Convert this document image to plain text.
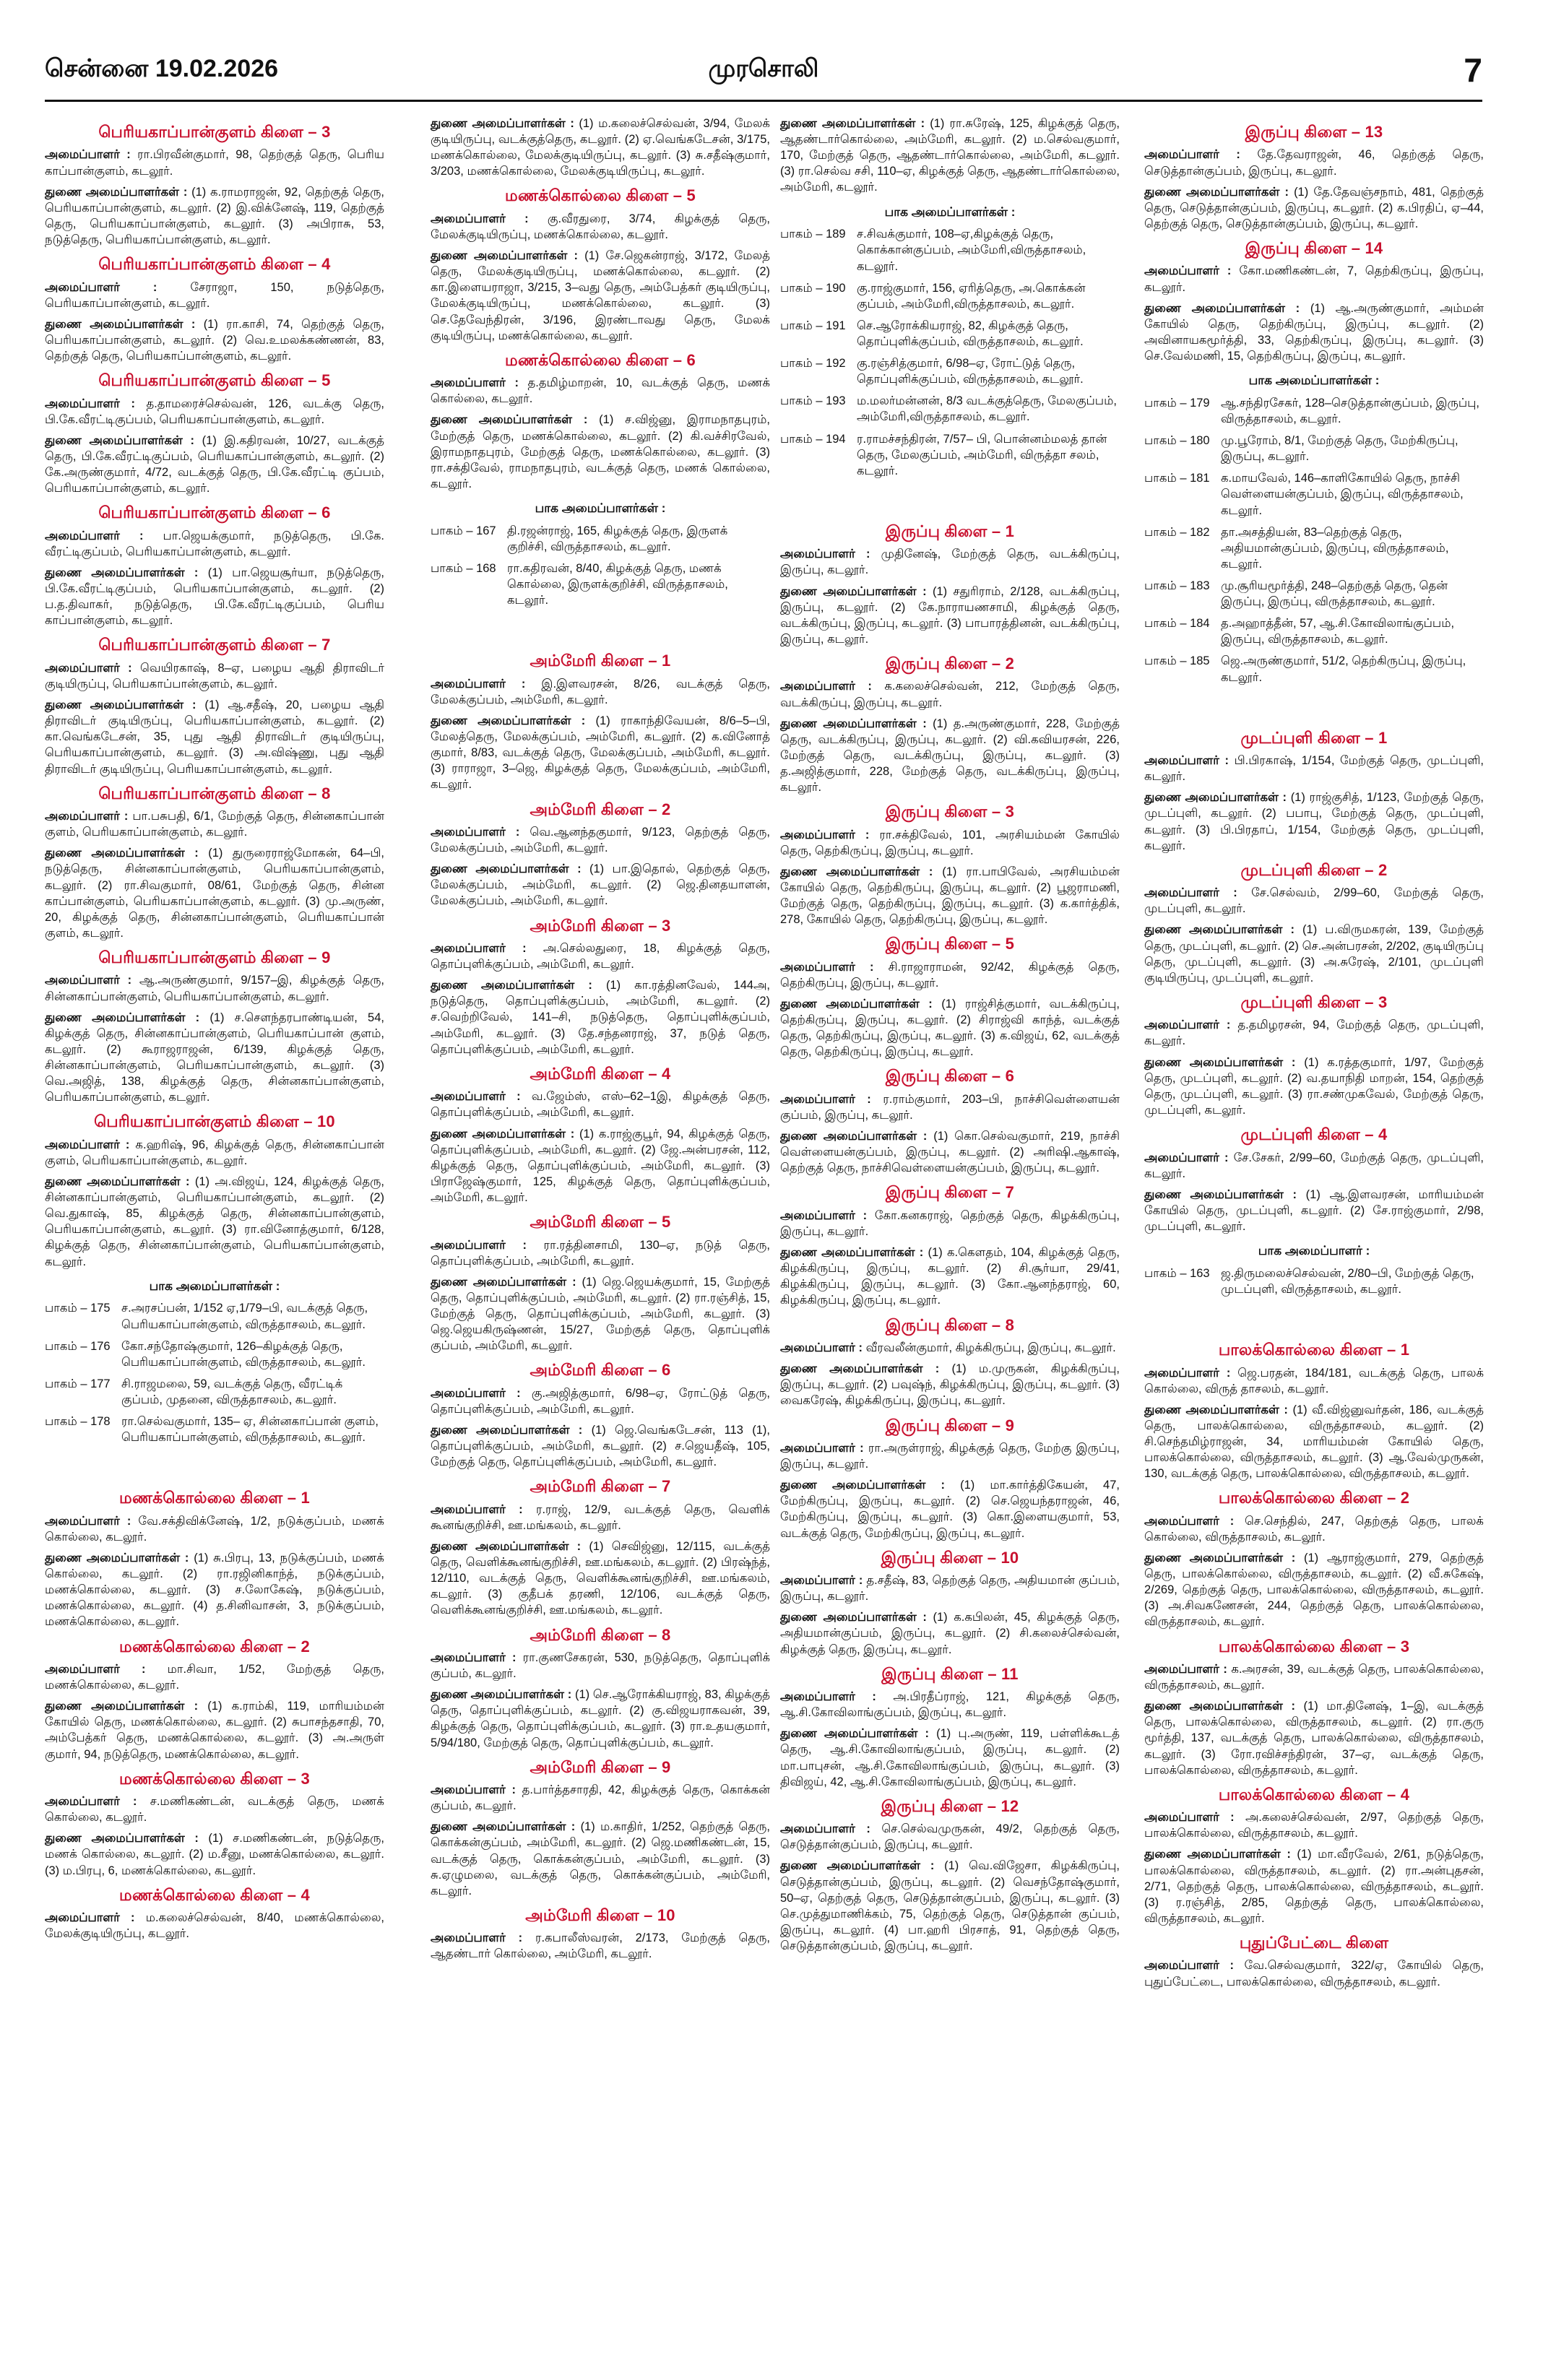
சென்னை 19.02.2026	முரசொலி	7
பெரியகாப்பான்குளம் கிளை – 3

அமைப்பாளர் : ரா.பிரவீன்குமார், 98, தெற்குத் தெரு, பெரிய காப்பான்குளம், கடலூர்.

துணை அமைப்பாளர்கள் : (1) க.ராமராஜன், 92, தெற்குத் தெரு, பெரியகாப்பான்குளம், கடலூர். (2) இ.விக்னேஷ், 119, தெற்குத் தெரு, பெரியகாப்பான்குளம், கடலூர். (3) அபிராசு, 53, நடுத்தெரு, பெரியகாப்பான்குளம், கடலூர்.

பெரியகாப்பான்குளம் கிளை – 4

அமைப்பாளர் :	சேராஜா, 150, நடுத்தெரு, பெரியகாப்பான்குளம், கடலூர்.

துணை அமைப்பாளர்கள் : (1) ரா.காசி, 74, தெற்குத் தெரு, பெரியகாப்பான்குளம், கடலூர். (2) வெ.உமலக்கண்ணன், 83, தெற்குத் தெரு, பெரியகாப்பான்குளம், கடலூர்.

பெரியகாப்பான்குளம் கிளை – 5

அமைப்பாளர் : த.தாமரைச்செல்வன், 126, வடக்கு தெரு, பி.கே.வீரட்டிகுப்பம், பெரியகாப்பான்குளம், கடலூர்.

துணை அமைப்பாளர்கள் : (1) இ.கதிரவன், 10/27, வடக்குத் தெரு, பி.கே.வீரட்டிகுப்பம், பெரியகாப்பான்குளம், கடலூர். (2) கே.அருண்குமார், 4/72, வடக்குத் தெரு, பி.கே.வீரட்டி குப்பம், பெரியகாப்பான்குளம், கடலூர்.

பெரியகாப்பான்குளம் கிளை – 6

அமைப்பாளர் : பா.ஜெயக்குமார், நடுத்தெரு, பி.கே. வீரட்டிகுப்பம், பெரியகாப்பான்குளம், கடலூர்.

துணை அமைப்பாளர்கள் : (1) பா.ஜெயசூர்யா, நடுத்தெரு, பி.கே.வீரட்டிகுப்பம், பெரியகாப்பான்குளம், கடலூர். (2) ப.த.திவாகர், நடுத்தெரு, பி.கே.வீரட்டிகுப்பம், பெரிய காப்பான்குளம், கடலூர்.

பெரியகாப்பான்குளம் கிளை – 7

அமைப்பாளர் : வெயிரகாஷ், 8–ஏ, பழைய ஆதி திராவிடர் குடியிருப்பு, பெரியகாப்பான்குளம், கடலூர்.

துணை அமைப்பாளர்கள் : (1) ஆ.சதீஷ், 20, பழைய ஆதி திராவிடர் குடியிருப்பு, பெரியகாப்பான்குளம், கடலூர். (2) கா.வெங்கடேசன், 35, புது ஆதி திராவிடர் குடியிருப்பு, பெரியகாப்பான்குளம், கடலூர். (3) அ.விஷ்ணு, புது ஆதி திராவிடர் குடியிருப்பு, பெரியகாப்பான்குளம், கடலூர்.

பெரியகாப்பான்குளம் கிளை – 8

அமைப்பாளர் : பா.பசுபதி, 6/1, மேற்குத் தெரு, சின்னகாப்பான் குளம், பெரியகாப்பான்குளம், கடலூர்.

துணை அமைப்பாளர்கள் : (1) துருரைராஜ்மோகன், 64–பி, நடுத்தெரு, சின்னகாப்பான்குளம், பெரியகாப்பான்குளம், கடலூர். (2) ரா.சிவகுமார், 08/61, மேற்குத் தெரு, சின்ன காப்பான்குளம், பெரியகாப்பான்குளம், கடலூர். (3) மு.அருண், 20, கிழக்குத் தெரு, சின்னகாப்பான்குளம், பெரியகாப்பான் குளம், கடலூர்.

பெரியகாப்பான்குளம் கிளை – 9

அமைப்பாளர் : ஆ.அருண்குமார், 9/157–இ, கிழக்குத் தெரு, சின்னகாப்பான்குளம், பெரியகாப்பான்குளம், கடலூர்.

துணை அமைப்பாளர்கள் : (1) ச.சௌந்தரபாண்டியன், 54, கிழக்குத் தெரு, சின்னகாப்பான்குளம், பெரியகாப்பான் குளம், கடலூர். (2) கூராஜராஜன், 6/139, கிழக்குத் தெரு, சின்னகாப்பான்குளம், பெரியகாப்பான்குளம், கடலூர். (3) வெ.அஜித், 138, கிழக்குத் தெரு, சின்னகாப்பான்குளம், பெரியகாப்பான்குளம், கடலூர்.

பெரியகாப்பான்குளம் கிளை – 10

அமைப்பாளர் : க.ஹரிஷ், 96, கிழக்குத் தெரு, சின்னகாப்பான் குளம், பெரியகாப்பான்குளம், கடலூர்.

துணை அமைப்பாளர்கள் : (1) அ.விஜய், 124, கிழக்குத் தெரு, சின்னகாப்பான்குளம், பெரியகாப்பான்குளம், கடலூர். (2) வெ.துகாஷ், 85, கிழக்குத் தெரு, சின்னகாப்பான்குளம், பெரியகாப்பான்குளம், கடலூர். (3) ரா.வினோத்குமார், 6/128, கிழக்குத் தெரு, சின்னகாப்பான்குளம், பெரியகாப்பான்குளம், கடலூர்.

பாக அமைப்பாளர்கள் :
பாகம் – 175 ச.அரசப்பன், 1/152 ஏ,1/79–பி, வடக்குத் தெரு, பெரியகாப்பான்குளம், விருத்தாசலம், கடலூர்.
பாகம் – 176 கோ.சந்தோஷ்குமார், 126–கிழக்குத் தெரு, பெரியகாப்பான்குளம், விருத்தாசலம், கடலூர்.
பாகம் – 177 சி.ராஜமலை, 59, வடக்குத் தெரு, வீரட்டிக் குப்பம், முதனை, விருத்தாசலம், கடலூர்.
பாகம் – 178 ரா.செல்வகுமார், 135– ஏ, சின்னகாப்பான் குளம், பெரியகாப்பான்குளம், விருத்தாசலம், கடலூர்.
மணக்கொல்லை கிளை – 1

அமைப்பாளர் : வே.சக்திவிக்னேஷ், 1/2, நடுக்குப்பம், மணக் கொல்லை, கடலூர்.

துணை அமைப்பாளர்கள் : (1) சு.பிரபு, 13, நடுக்குப்பம், மணக் கொல்லை, கடலூர். (2) ரா.ரஜினிகாந்த், நடுக்குப்பம், மணக்கொல்லை, கடலூர். (3) ச.லோகேஷ், நடுக்குப்பம், மணக்கொல்லை, கடலூர். (4) த.சினிவாசன், 3, நடுக்குப்பம், மணக்கொல்லை, கடலூர்.

மணக்கொல்லை கிளை – 2

அமைப்பாளர் : மா.சிவா, 1/52, மேற்குத் தெரு, மணக்கொல்லை, கடலூர்.

துணை அமைப்பாளர்கள் : (1) க.ராம்கி, 119, மாரியம்மன் கோயில் தெரு, மணக்கொல்லை, கடலூர். (2) சுபாசந்தசாதி, 70, அம்பேத்கர் தெரு, மணக்கொல்லை, கடலூர். (3) அ.அருள் குமார், 94, நடுத்தெரு, மணக்கொல்லை, கடலூர்.

மணக்கொல்லை கிளை – 3

அமைப்பாளர் : ச.மணிகண்டன், வடக்குத் தெரு, மணக் கொல்லை, கடலூர்.

துணை அமைப்பாளர்கள் : (1) ச.மணிகண்டன், நடுத்தெரு, மணக் கொல்லை, கடலூர். (2) ம.சீனு, மணக்கொல்லை, கடலூர். (3) ம.பிரபு, 6, மணக்கொல்லை, கடலூர்.

மணக்கொல்லை கிளை – 4

அமைப்பாளர் : ம.கலைச்செல்வன், 8/40, மணக்கொல்லை, மேலக்குடியிருப்பு, கடலூர்.

துணை அமைப்பாளர்கள் : (1) ம.கலைச்செல்வன், 3/94, மேலக் குடியிருப்பு, வடக்குத்தெரு, கடலூர். (2) ஏ.வெங்கடேசன், 3/175, மணக்கொல்லை, மேலக்குடியிருப்பு, கடலூர். (3) சு.சதீஷ்குமார், 3/203, மணக்கொல்லை, மேலக்குடியிருப்பு, கடலூர்.

மணக்கொல்லை கிளை – 5

அமைப்பாளர் : கு.வீரதுரை, 3/74, கிழக்குத் தெரு, மேலக்குடியிருப்பு, மணக்கொல்லை, கடலூர்.

துணை அமைப்பாளர்கள் : (1) சே.ஜெகன்ராஜ், 3/172, மேலத் தெரு, மேலக்குடியிருப்பு, மணக்கொல்லை, கடலூர். (2) கா.இளையராஜா, 3/215, 3–வது தெரு, அம்பேத்கர் குடியிருப்பு, மேலக்குடியிருப்பு, மணக்கொல்லை, கடலூர். (3) செ.தேவேந்திரன், 3/196, இரண்டாவது தெரு, மேலக் குடியிருப்பு, மணக்கொல்லை, கடலூர்.

மணக்கொல்லை கிளை – 6

அமைப்பாளர் : த.தமிழ்மாறன், 10, வடக்குத் தெரு, மணக் கொல்லை, கடலூர்.

துணை அமைப்பாளர்கள் : (1) ச.விஜ்னு, இராமநாதபுரம், மேற்குத் தெரு, மணக்கொல்லை, கடலூர். (2) கி.வச்சிரவேல், இராமநாதபுரம், மேற்குத் தெரு, மணக்கொல்லை, கடலூர். (3) ரா.சக்திவேல், ராமநாதபுரம், வடக்குத் தெரு, மணக் கொல்லை, கடலூர்.

பாக அமைப்பாளர்கள் :
பாகம் – 167 தி.ரஜன்ராஜ், 165, கிழக்குத் தெரு, இருளக் குறிச்சி, விருத்தாசலம், கடலூர்.
பாகம் – 168 ரா.கதிரவன், 8/40, கிழக்குத் தெரு, மணக் கொல்லை, இருளக்குறிச்சி, விருத்தாசலம், கடலூர்.
அம்மேரி கிளை – 1

அமைப்பாளர் : இ.இளவரசன், 8/26, வடக்குத் தெரு, மேலக்குப்பம், அம்மேரி, கடலூர்.

துணை அமைப்பாளர்கள் : (1) ராகாந்திவேயன், 8/6–5–பி, மேலத்தெரு, மேலக்குப்பம், அம்மேரி, கடலூர். (2) க.வினோத் குமார், 8/83, வடக்குத் தெரு, மேலக்குப்பம், அம்மேரி, கடலூர். (3) ராராஜா, 3–ஜெ, கிழக்குத் தெரு, மேலக்குப்பம், அம்மேரி, கடலூர்.

அம்மேரி கிளை – 2

அமைப்பாளர் : வெ.ஆனந்தகுமார், 9/123, தெற்குத் தெரு, மேலக்குப்பம், அம்மேரி, கடலூர்.

துணை அமைப்பாளர்கள் : (1) பா.இதொல், தெற்குத் தெரு, மேலக்குப்பம், அம்மேரி, கடலூர். (2) ஜெ.தினதயாளன், மேலக்குப்பம், அம்மேரி, கடலூர்.

அம்மேரி கிளை – 3

அமைப்பாளர் : அ.செல்லதுரை, 18, கிழக்குத் தெரு, தொப்புளிக்குப்பம், அம்மேரி, கடலூர்.

துணை அமைப்பாளர்கள் : (1) கா.ரத்தினவேல், 144அ, நடுத்தெரு, தொப்புளிக்குப்பம், அம்மேரி, கடலூர். (2) ச.வெற்றிவேல், 141–சி, நடுத்தெரு, தொப்புளிக்குப்பம், அம்மேரி, கடலூர். (3) தே.சந்தனராஜ், 37, நடுத் தெரு, தொப்புளிக்குப்பம், அம்மேரி, கடலூர்.

அம்மேரி கிளை – 4

அமைப்பாளர் : வ.ஜேம்ஸ், எஸ்–62–1இ, கிழக்குத் தெரு, தொப்புளிக்குப்பம், அம்மேரி, கடலூர்.

துணை அமைப்பாளர்கள் : (1) க.ராஜ்குபூர், 94, கிழக்குத் தெரு, தொப்புளிக்குப்பம், அம்மேரி, கடலூர். (2) ஜே.அன்பரசன், 112, கிழக்குத் தெரு, தொப்புளிக்குப்பம், அம்மேரி, கடலூர். (3) பிராஜேஷ்குமார், 125, கிழக்குத் தெரு, தொப்புளிக்குப்பம், அம்மேரி, கடலூர்.

அம்மேரி கிளை – 5

அமைப்பாளர் : ரா.ரத்தினசாமி, 130–ஏ, நடுத் தெரு, தொப்புளிக்குப்பம், அம்மேரி, கடலூர்.

துணை அமைப்பாளர்கள் : (1) ஜெ.ஜெயக்குமார், 15, மேற்குத் தெரு, தொப்புளிக்குப்பம், அம்மேரி, கடலூர். (2) ரா.ரஞ்சித், 15, மேற்குத் தெரு, தொப்புளிக்குப்பம், அம்மேரி, கடலூர். (3) ஜெ.ஜெயகிருஷ்ணன், 15/27, மேற்குத் தெரு, தொப்புளிக் குப்பம், அம்மேரி, கடலூர்.

அம்மேரி கிளை – 6

அமைப்பாளர் : கு.அஜித்குமார், 6/98–ஏ, ரோட்டுத் தெரு, தொப்புளிக்குப்பம், அம்மேரி, கடலூர்.

துணை அமைப்பாளர்கள் : (1) ஜெ.வெங்கடேசன், 113 (1), தொப்புளிக்குப்பம், அம்மேரி, கடலூர். (2) ச.ஜெயதீஷ், 105, மேற்குத் தெரு, தொப்புளிக்குப்பம், அம்மேரி, கடலூர்.

அம்மேரி கிளை – 7

அமைப்பாளர் : ர.ராஜ், 12/9, வடக்குத் தெரு, வெளிக் கூனங்குறிச்சி, ஊ.மங்கலம், கடலூர்.

துணை அமைப்பாளர்கள் : (1) செவிஜ்னு, 12/115, வடக்குத் தெரு, வெளிக்கூனங்குறிச்சி, ஊ.மங்கலம், கடலூர். (2) பிரஷ்ந்த், 12/110, வடக்குத் தெரு, வெளிக்கூனங்குறிச்சி, ஊ.மங்கலம், கடலூர். (3) குதீபக் தரணி, 12/106, வடக்குத் தெரு, வெளிக்கூனங்குறிச்சி, ஊ.மங்கலம், கடலூர்.

அம்மேரி கிளை – 8

அமைப்பாளர் : ரா.குணசேகரன், 530, நடுத்தெரு, தொப்புளிக் குப்பம், கடலூர்.

துணை அமைப்பாளர்கள் : (1) செ.ஆரோக்கியராஜ், 83, கிழக்குத் தெரு, தொப்புளிக்குப்பம், கடலூர். (2) கு.விஜயராகவன், 39, கிழக்குத் தெரு, தொப்புளிக்குப்பம், கடலூர். (3) ரா.உதயகுமார், 5/94/180, மேற்குத் தெரு, தொப்புளிக்குப்பம், கடலூர்.

அம்மேரி கிளை – 9

அமைப்பாளர் : த.பார்த்தசாரதி, 42, கிழக்குத் தெரு, கொக்கன் குப்பம், கடலூர்.

துணை அமைப்பாளர்கள் : (1) ம.காதிர், 1/252, தெற்குத் தெரு, கொக்கன்குப்பம், அம்மேரி, கடலூர். (2) ஜெ.மணிகண்டன், 15, வடக்குத் தெரு, கொக்கன்குப்பம், அம்மேரி, கடலூர். (3) சு.ஏழுமலை, வடக்குத் தெரு, கொக்கன்குப்பம், அம்மேரி, கடலூர்.

அம்மேரி கிளை – 10

அமைப்பாளர் : ர.கபாலீஸ்வரன், 2/173, மேற்குத் தெரு, ஆதண்டார் கொல்லை, அம்மேரி, கடலூர்.

துணை அமைப்பாளர்கள் : (1) ரா.சுரேஷ், 125, கிழக்குத் தெரு, ஆதண்டார்கொல்லை, அம்மேரி, கடலூர். (2) ம.செல்வகுமார், 170, மேற்குத் தெரு, ஆதண்டார்கொல்லை, அம்மேரி, கடலூர். (3) ரா.செல்வ சசி, 110–ஏ, கிழக்குத் தெரு, ஆதண்டார்கொல்லை, அம்மேரி, கடலூர்.

பாக அமைப்பாளர்கள் :
பாகம் – 189 ச.சிவக்குமார், 108–ஏ,கிழக்குத் தெரு, கொக்கான்குப்பம், அம்மேரி,விருத்தாசலம், கடலூர்.
பாகம் – 190 கு.ராஜ்குமார், 156, ஏரித்தெரு, அ.கொக்கன் குப்பம், அம்மேரி,விருத்தாசலம், கடலூர்.
பாகம் – 191 செ.ஆரோக்கியராஜ், 82, கிழக்குத் தெரு, தொப்புளிக்குப்பம், விருத்தாசலம், கடலூர்.
பாகம் – 192 கு.ரஞ்சித்குமார், 6/98–ஏ, ரோட்டுத் தெரு, தொப்புளிக்குப்பம், விருத்தாசலம், கடலூர்.
பாகம் – 193 ம.மலர்மன்னன், 8/3 வடக்குத்தெரு, மேலகுப்பம், அம்மேரி,விருத்தாசலம், கடலூர்.
பாகம் – 194 ர.ராமச்சந்திரன், 7/57– பி, பொன்னம்மலத் தான் தெரு, மேலகுப்பம், அம்மேரி, விருத்தா சலம், கடலூர்.
இருப்பு கிளை – 1

அமைப்பாளர் : முதினேஷ், மேற்குத் தெரு, வடக்கிருப்பு, இருப்பு, கடலூர்.

துணை அமைப்பாளர்கள் : (1) சதுரிராம், 2/128, வடக்கிருப்பு, இருப்பு, கடலூர். (2) கே.நாராயணசாமி, கிழக்குத் தெரு, வடக்கிருப்பு, இருப்பு, கடலூர். (3) பாபாரத்தினன், வடக்கிருப்பு, இருப்பு, கடலூர்.

இருப்பு கிளை – 2

அமைப்பாளர் : க.கலைச்செல்வன், 212, மேற்குத் தெரு, வடக்கிருப்பு, இருப்பு, கடலூர்.

துணை அமைப்பாளர்கள் : (1) த.அருண்குமார், 228, மேற்குத் தெரு, வடக்கிருப்பு, இருப்பு, கடலூர். (2) வி.கவியரசன், 226, மேற்குத் தெரு, வடக்கிருப்பு, இருப்பு, கடலூர். (3) த.அஜித்குமார், 228, மேற்குத் தெரு, வடக்கிருப்பு, இருப்பு, கடலூர்.

இருப்பு கிளை – 3

அமைப்பாளர் : ரா.சக்திவேல், 101, அரசியம்மன் கோயில் தெரு, தெற்கிருப்பு, இருப்பு, கடலூர்.

துணை அமைப்பாளர்கள் : (1) ரா.பாபிவேல், அரசியம்மன் கோயில் தெரு, தெற்கிருப்பு, இருப்பு, கடலூர். (2) பூஜராமணி, மேற்குத் தெரு, தெற்கிருப்பு, இருப்பு, கடலூர். (3) க.கார்த்திக், 278, கோயில் தெரு, தெற்கிருப்பு, இருப்பு, கடலூர்.

இருப்பு கிளை – 5

அமைப்பாளர் : சி.ராஜாராமன், 92/42, கிழக்குத் தெரு, தெற்கிருப்பு, இருப்பு, கடலூர்.

துணை அமைப்பாளர்கள் : (1) ராஜ்சித்குமார், வடக்கிருப்பு, தெற்கிருப்பு, இருப்பு, கடலூர். (2) சிராஜ்வி காந்த், வடக்குத் தெரு, தெற்கிருப்பு, இருப்பு, கடலூர். (3) க.விஜய், 62, வடக்குத் தெரு, தெற்கிருப்பு, இருப்பு, கடலூர்.

இருப்பு கிளை – 6

அமைப்பாளர் : ர.ராம்குமார், 203–பி, நாச்சிவெள்ளையன் குப்பம், இருப்பு, கடலூர்.

துணை அமைப்பாளர்கள் : (1) கொ.செல்வகுமார், 219, நாச்சி வெள்ளையன்குப்பம், இருப்பு, கடலூர். (2) அரிஷி.ஆகாஷ், தெற்குத் தெரு, நாச்சிவெள்ளையன்குப்பம், இருப்பு, கடலூர்.

இருப்பு கிளை – 7

அமைப்பாளர் : கோ.கனகராஜ், தெற்குத் தெரு, கிழக்கிருப்பு, இருப்பு, கடலூர்.

துணை அமைப்பாளர்கள் : (1) க.கௌதம், 104, கிழக்குத் தெரு, கிழக்கிருப்பு, இருப்பு, கடலூர். (2) சி.சூர்யா, 29/41, கிழக்கிருப்பு, இருப்பு, கடலூர். (3) கோ.ஆனந்தராஜ், 60, கிழக்கிருப்பு, இருப்பு, கடலூர்.

இருப்பு கிளை – 8

அமைப்பாளர் : வீரவலீன்குமார், கிழக்கிருப்பு, இருப்பு, கடலூர்.

துணை அமைப்பாளர்கள் : (1) ம.முருகன், கிழக்கிருப்பு, இருப்பு, கடலூர். (2) பவுஷ்ந், கிழக்கிருப்பு, இருப்பு, கடலூர். (3) வைகரேஷ், கிழக்கிருப்பு, இருப்பு, கடலூர்.

இருப்பு கிளை – 9

அமைப்பாளர் : ரா.அருள்ராஜ், கிழக்குத் தெரு, மேற்கு இருப்பு, இருப்பு, கடலூர்.

துணை அமைப்பாளர்கள் : (1) மா.கார்த்திகேயன், 47, மேற்கிருப்பு, இருப்பு, கடலூர். (2) செ.ஜெயந்தராஜன், 46, மேற்கிருப்பு, இருப்பு, கடலூர். (3) கொ.இளையகுமார், 53, வடக்குத் தெரு, மேற்கிருப்பு, இருப்பு, கடலூர்.

இருப்பு கிளை – 10

அமைப்பாளர் : த.சதீஷ், 83, தெற்குத் தெரு, அதியமான் குப்பம், இருப்பு, கடலூர்.

துணை அமைப்பாளர்கள் : (1) க.கபிலன், 45, கிழக்குத் தெரு, அதியமான்குப்பம், இருப்பு, கடலூர். (2) சி.கலைச்செல்வன், கிழக்குத் தெரு, இருப்பு, கடலூர்.

இருப்பு கிளை – 11

அமைப்பாளர் : அ.பிரதீப்ராஜ், 121, கிழக்குத் தெரு, ஆ.சி.கோவிலாங்குப்பம், இருப்பு, கடலூர்.

துணை அமைப்பாளர்கள் : (1) பு.அருண், 119, பள்ளிக்கூடத் தெரு, ஆ.சி.கோவிலாங்குப்பம், இருப்பு, கடலூர். (2) மா.பாபுசன், ஆ.சி.கோவிலாங்குப்பம், இருப்பு, கடலூர். (3) திவிஜய், 42, ஆ.சி.கோவிலாங்குப்பம், இருப்பு, கடலூர்.

இருப்பு கிளை – 12

அமைப்பாளர் : செ.செல்வமுருகன், 49/2, தெற்குத் தெரு, செடுத்தான்குப்பம், இருப்பு, கடலூர்.

துணை அமைப்பாளர்கள் : (1) வெ.விஜேசா, கிழக்கிருப்பு, செடுத்தான்குப்பம், இருப்பு, கடலூர். (2) வெசந்தோஷ்குமார், 50–ஏ, தெற்குத் தெரு, செடுத்தான்குப்பம், இருப்பு, கடலூர். (3) செ.முத்துமாணிக்கம், 75, தெற்குத் தெரு, செடுத்தான் குப்பம், இருப்பு, கடலூர். (4) பா.ஹரி பிரசாத், 91, தெற்குத் தெரு, செடுத்தான்குப்பம், இருப்பு, கடலூர்.

இருப்பு கிளை – 13

அமைப்பாளர் : தே.தேவராஜன், 46, தெற்குத் தெரு, செடுத்தான்குப்பம், இருப்பு, கடலூர்.

துணை அமைப்பாளர்கள் : (1) தே.தேவஞ்சநாம், 481, தெற்குத் தெரு, செடுத்தான்குப்பம், இருப்பு, கடலூர். (2) க.பிரதிப், ஏ–44, தெற்குத் தெரு, செடுத்தான்குப்பம், இருப்பு, கடலூர்.

இருப்பு கிளை – 14

அமைப்பாளர் : கோ.மணிகண்டன், 7, தெற்கிருப்பு, இருப்பு, கடலூர்.

துணை அமைப்பாளர்கள் : (1) ஆ.அருண்குமார், அம்மன் கோயில் தெரு, தெற்கிருப்பு, இருப்பு, கடலூர். (2) அவினாயகமூர்த்தி, 33, தெற்கிருப்பு, இருப்பு, கடலூர். (3) செ.வேல்மணி, 15, தெற்கிருப்பு, இருப்பு, கடலூர்.

பாக அமைப்பாளர்கள் :
பாகம் – 179 ஆ.சந்திரசேகர், 128–செடுத்தான்குப்பம், இருப்பு, விருத்தாசலம், கடலூர்.
பாகம் – 180 மு.பூரோம், 8/1, மேற்குத் தெரு, மேற்கிருப்பு, இருப்பு, கடலூர்.
பாகம் – 181 க.மாயவேல், 146–காளிகோயில் தெரு, நாச்சி வெள்ளையன்குப்பம், இருப்பு, விருத்தாசலம், கடலூர்.
பாகம் – 182 தா.அசத்தியன், 83–தெற்குத் தெரு, அதியமான்குப்பம், இருப்பு, விருத்தாசலம், கடலூர்.
பாகம் – 183 மு.சூரியமூர்த்தி, 248–தெற்குத் தெரு, தென் இருப்பு, இருப்பு, விருத்தாசலம், கடலூர்.
பாகம் – 184 த.அஹாத்தீன், 57, ஆ.சி.கோவிலாங்குப்பம், இருப்பு, விருத்தாசலம், கடலூர்.
பாகம் – 185 ஜெ.அருண்குமார், 51/2, தெற்கிருப்பு, இருப்பு, கடலூர்.
முடப்புளி கிளை – 1

அமைப்பாளர் : பி.பிரகாஷ், 1/154, மேற்குத் தெரு, முடப்புளி, கடலூர்.

துணை அமைப்பாளர்கள் : (1) ராஜ்குசித், 1/123, மேற்குத் தெரு, முடப்புளி, கடலூர். (2) பபாபு, மேற்குத் தெரு, முடப்புளி, கடலூர். (3) பி.பிரதாப், 1/154, மேற்குத் தெரு, முடப்புளி, கடலூர்.

முடப்புளி கிளை – 2

அமைப்பாளர் : சே.செல்வம், 2/99–60, மேற்குத் தெரு, முடப்புளி, கடலூர்.

துணை அமைப்பாளர்கள் : (1) ப.விருமகரன், 139, மேற்குத் தெரு, முடப்புளி, கடலூர். (2) செ.அன்பரசன், 2/202, குடியிருப்பு தெரு, முடப்புளி, கடலூர். (3) அ.சுரேஷ், 2/101, முடப்புளி குடியிருப்பு, முடப்புளி, கடலூர்.

முடப்புளி கிளை – 3

அமைப்பாளர் : த.தமிழரசன், 94, மேற்குத் தெரு, முடப்புளி, கடலூர்.

துணை அமைப்பாளர்கள் : (1) க.ரத்தகுமார், 1/97, மேற்குத் தெரு, முடப்புளி, கடலூர். (2) வ.தயாநிதி மாறன், 154, தெற்குத் தெரு, முடப்புளி, கடலூர். (3) ரா.சண்முகவேல், மேற்குத் தெரு, முடப்புளி, கடலூர்.

முடப்புளி கிளை – 4

அமைப்பாளர் : சே.சேகர், 2/99–60, மேற்குத் தெரு, முடப்புளி, கடலூர்.

துணை அமைப்பாளர்கள் : (1) ஆ.இளவரசன், மாரியம்மன் கோயில் தெரு, முடப்புளி, கடலூர். (2) சே.ராஜ்குமார், 2/98, முடப்புளி, கடலூர்.

பாக அமைப்பாளர் :
பாகம் – 163 ஜ.திருமலைச்செல்வன், 2/80–பி, மேற்குத் தெரு, முடப்புளி, விருத்தாசலம், கடலூர்.
பாலக்கொல்லை கிளை – 1

அமைப்பாளர் : ஜெ.பரதன், 184/181, வடக்குத் தெரு, பாலக் கொல்லை, விருத் தாசலம், கடலூர்.

துணை அமைப்பாளர்கள் : (1) வீ.விஜ்னுவர்தன், 186, வடக்குத் தெரு, பாலக்கொல்லை, விருத்தாசலம், கடலூர். (2) சி.செந்தமிழ்ராஜன், 34, மாரியம்மன் கோயில் தெரு, பாலக்கொல்லை, விருத்தாசலம், கடலூர். (3) ஆ.வேல்முருகன், 130, வடக்குத் தெரு, பாலக்கொல்லை, விருத்தாசலம், கடலூர்.

பாலக்கொல்லை கிளை – 2

அமைப்பாளர் : செ.செந்தில், 247, தெற்குத் தெரு, பாலக் கொல்லை, விருத்தாசலம், கடலூர்.

துணை அமைப்பாளர்கள் : (1) ஆராஜ்குமார், 279, தெற்குத் தெரு, பாலக்கொல்லை, விருத்தாசலம், கடலூர். (2) வீ.சுகேஷ், 2/269, தெற்குத் தெரு, பாலக்கொல்லை, விருத்தாசலம், கடலூர். (3) அ.சிவகணேசன், 244, தெற்குத் தெரு, பாலக்கொல்லை, விருத்தாசலம், கடலூர்.

பாலக்கொல்லை கிளை – 3

அமைப்பாளர் : க.அரசன், 39, வடக்குத் தெரு, பாலக்கொல்லை, விருத்தாசலம், கடலூர்.

துணை அமைப்பாளர்கள் : (1) மா.தினேஷ், 1–இ, வடக்குத் தெரு, பாலக்கொல்லை, விருத்தாசலம், கடலூர். (2) ரா.குரு மூர்த்தி, 137, வடக்குத் தெரு, பாலக்கொல்லை, விருத்தாசலம், கடலூர். (3) ரோ.ரவிச்சந்திரன், 37–ஏ, வடக்குத் தெரு, பாலக்கொல்லை, விருத்தாசலம், கடலூர்.

பாலக்கொல்லை கிளை – 4

அமைப்பாளர் : அ.கலைச்செல்வன், 2/97, தெற்குத் தெரு, பாலக்கொல்லை, விருத்தாசலம், கடலூர்.

துணை அமைப்பாளர்கள் : (1) மா.வீரவேல், 2/61, நடுத்தெரு, பாலக்கொல்லை, விருத்தாசலம், கடலூர். (2) ரா.அன்புதசன், 2/71, தெற்குத் தெரு, பாலக்கொல்லை, விருத்தாசலம், கடலூர். (3) ர.ரஞ்சித், 2/85, தெற்குத் தெரு, பாலக்கொல்லை, விருத்தாசலம், கடலூர்.

புதுப்பேட்டை கிளை

அமைப்பாளர் : வே.செல்வகுமார், 322/ஏ, கோயில் தெரு, புதுப்பேட்டை, பாலக்கொல்லை, விருத்தாசலம், கடலூர்.
